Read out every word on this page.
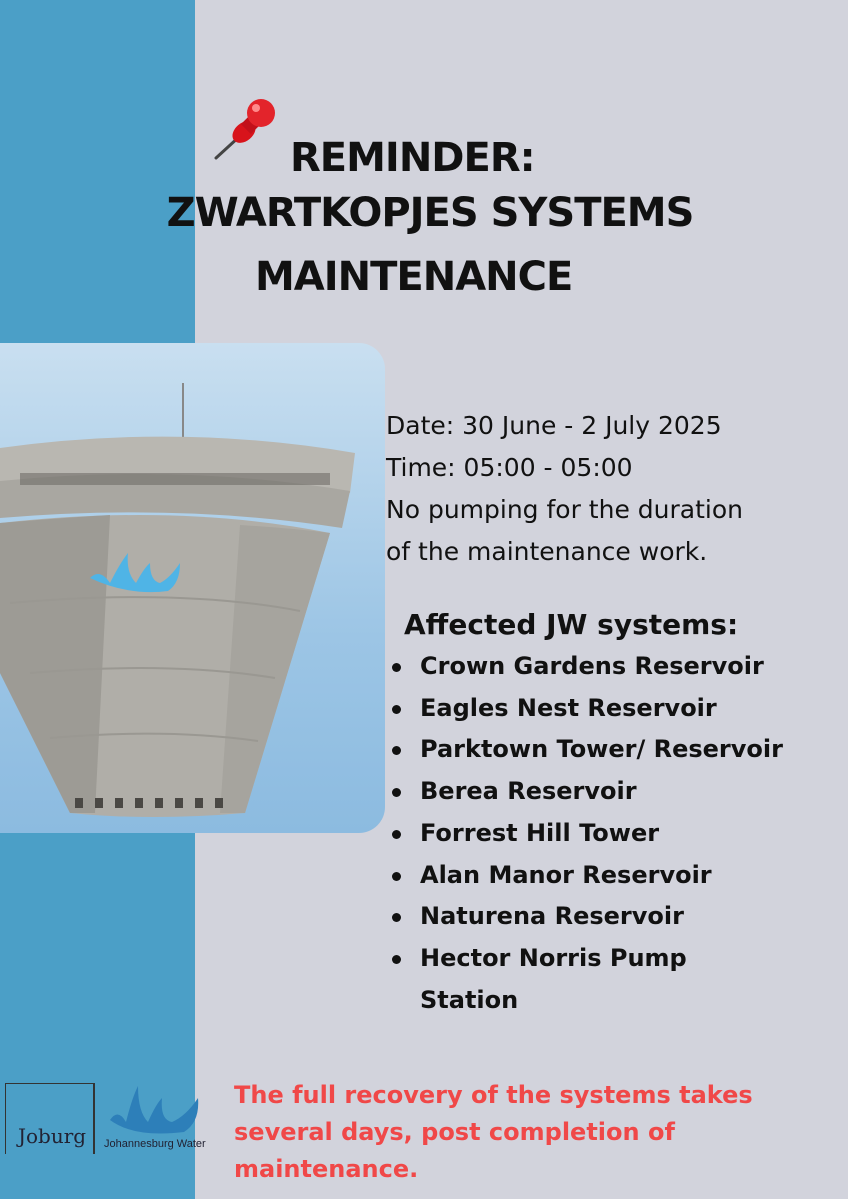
REMINDER:
ZWARTKOPJES SYSTEMS
MAINTENANCE
Date: 30 June - 2 July 2025
Time: 05:00 - 05:00
No pumping for the duration
of the maintenance work.
Affected JW systems:
Crown Gardens Reservoir
Eagles Nest Reservoir
Parktown Tower/ Reservoir
Berea Reservoir
Forrest Hill Tower
Alan Manor Reservoir
Naturena Reservoir
Hector Norris Pump
Station
The full recovery of the systems takes several days, post completion of maintenance.
Joburg Johannesburg Water
